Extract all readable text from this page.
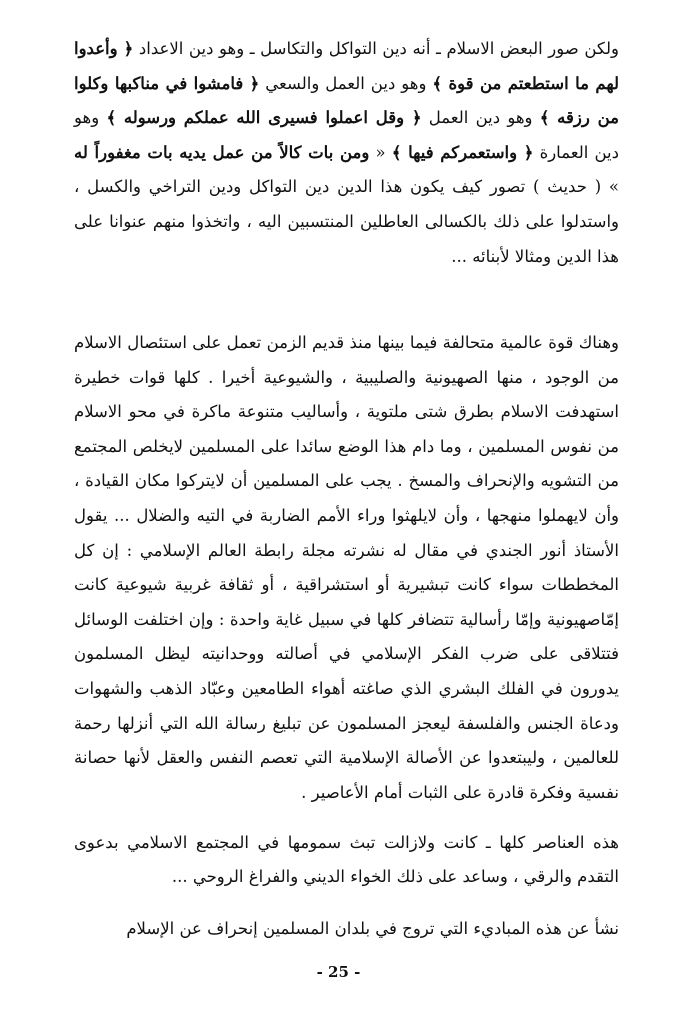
ولكن صور البعض الاسلام ـ أنه دين التواكل والتكاسل ـ وهو دين الاعداد ﴿ وأعدوا لهم ما استطعتم من قوة ﴾ وهو دين العمل والسعي ﴿ فامشوا في مناكبها وكلوا من رزقه ﴾ وهو دين العمل ﴿ وقل اعملوا فسيرى الله عملكم ورسوله ﴾ وهو دين العمارة ﴿ واستعمركم فيها ﴾ « ومن بات كالاً من عمل يديه بات مغفوراً له » ( حديث ) تصور كيف يكون هذا الدين دين التواكل ودين التراخي والكسل ، واستدلوا على ذلك بالكسالى العاطلين المنتسبين اليه ، واتخذوا منهم عنوانا على هذا الدين ومثالا لأبنائه ...

وهناك قوة عالمية متحالفة فيما بينها منذ قديم الزمن تعمل على استئصال الاسلام من الوجود ، منها الصهيونية والصليبية ، والشيوعية أخيرا . كلها قوات خطيرة استهدفت الاسلام بطرق شتى ملتوية ، وأساليب متنوعة ماكرة في محو الاسلام من نفوس المسلمين ، وما دام هذا الوضع سائدا على المسلمين لايخلص المجتمع من التشويه والإنحراف والمسخ . يجب على المسلمين أن لايتركوا مكان القيادة ، وأن لايهملوا منهجها ، وأن لايلهثوا وراء الأمم الضاربة في التيه والضلال ... يقول الأستاذ أنور الجندي في مقال له نشرته مجلة رابطة العالم الإسلامي : إن كل المخططات سواء كانت تبشيرية أو استشراقية ، أو ثقافة غربية شيوعية كانت إمّاصهيونية وإمّا رأسالية تتضافر كلها في سبيل غاية واحدة : وإن اختلفت الوسائل فتتلاقى على ضرب الفكر الإسلامي في أصالته ووحدانيته ليظل المسلمون يدورون في الفلك البشري الذي صاغته أهواء الطامعين وعبّاد الذهب والشهوات ودعاة الجنس والفلسفة ليعجز المسلمون عن تبليغ رسالة الله التي أنزلها رحمة للعالمين ، وليبتعدوا عن الأصالة الإسلامية التي تعصم النفس والعقل لأنها حصانة نفسية وفكرة قادرة على الثبات أمام الأعاصير .

هذه العناصر كلها ـ كانت ولازالت تبث سمومها في المجتمع الاسلامي بدعوى التقدم والرقي ، وساعد على ذلك الخواء الديني والفراغ الروحي ...

نشأ عن هذه المباديء التي تروج في بلدان المسلمين إنحراف عن الإسلام

- 25 -
